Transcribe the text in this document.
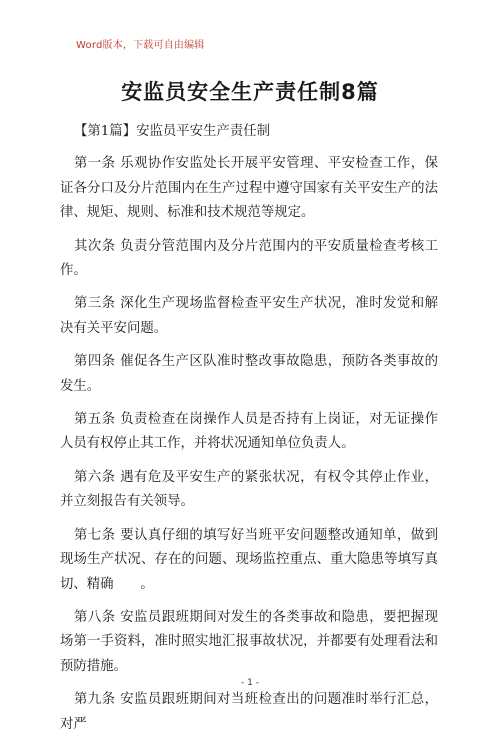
Word版本，下载可自由编辑
安监员安全生产责任制8篇

【第1篇】安监员平安生产责任制

第一条 乐观协作安监处长开展平安管理、平安检查工作，保证各分口及分片范围内在生产过程中遵守国家有关平安生产的法律、规矩、规则、标准和技术规范等规定。

其次条 负责分管范围内及分片范围内的平安质量检查考核工作。

第三条 深化生产现场监督检查平安生产状况，准时发觉和解决有关平安问题。

第四条 催促各生产区队准时整改事故隐患，预防各类事故的发生。

第五条 负责检查在岗操作人员是否持有上岗证，对无证操作人员有权停止其工作，并将状况通知单位负责人。

第六条 遇有危及平安生产的紧张状况，有权令其停止作业，并立刻报告有关领导。

第七条 要认真仔细的填写好当班平安问题整改通知单，做到现场生产状况、存在的问题、现场监控重点、重大隐患等填写真切、精确　　。

第八条 安监员跟班期间对发生的各类事故和隐患，要把握现场第一手资料，准时照实地汇报事故状况，并都要有处理看法和预防措施。

第九条 安监员跟班期间对当班检查出的问题准时举行汇总，对严

- 1 -
